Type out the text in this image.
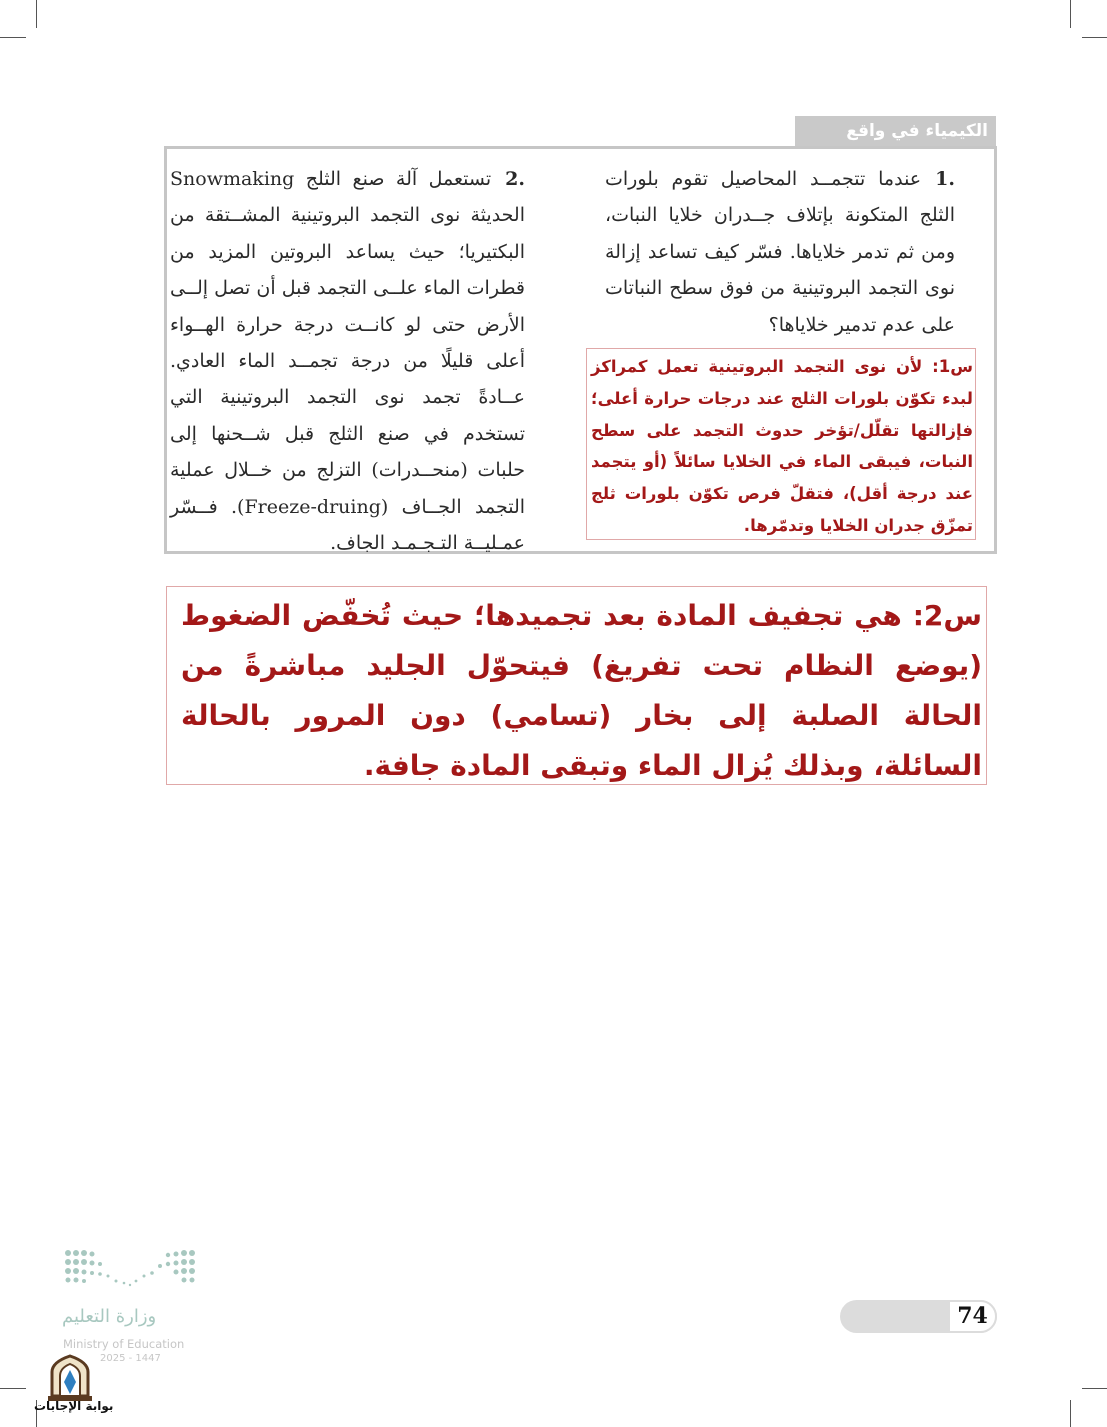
الكيمياء في واقع الحياة
.1عندما تتجمــد المحاصيل تقوم بلورات الثلج المتكونة بإتلاف جــدران خلايا النبات، ومن ثم تدمر خلاياها. فسّر كيف تساعد إزالة نوى التجمد البروتينية من فوق سطح النباتات على عدم تدمير خلاياها؟
.2تستعمل آلة صنع الثلج Snowmaking الحديثة نوى التجمد البروتينية المشــتقة من البكتيريا؛ حيث يساعد البروتين المزيد من قطرات الماء علــى التجمد قبل أن تصل إلــى الأرض حتى لو كانــت درجة حرارة الهــواء أعلى قليلًا من درجة تجمــد الماء العادي. عــادةً تجمد نوى التجمد البروتينية التي تستخدم في صنع الثلج قبل شــحنها إلى حلبات (منحــدرات) التزلج من خــلال عملية التجمد الجــاف (Freeze-druing). فــسّر عمـليــة التـجـمـد الجاف.
س1: لأن نوى التجمد البروتينية تعمل كمراكز لبدء تكوّن بلورات الثلج عند درجات حرارة أعلى؛ فإزالتها تقلّل/تؤخر حدوث التجمد على سطح النبات، فيبقى الماء في الخلايا سائلاً (أو يتجمد عند درجة أقل)، فتقلّ فرص تكوّن بلورات ثلج تمزّق جدران الخلايا وتدمّرها.
س2: هي تجفيف المادة بعد تجميدها؛ حيث تُخفّض الضغوط (يوضع النظام تحت تفريغ) فيتحوّل الجليد مباشرةً من الحالة الصلبة إلى بخار (تسامي) دون المرور بالحالة السائلة، وبذلك يُزال الماء وتبقى المادة جافة.
وزارة التعليم
Ministry of Education
2025 - 1447
بوابة الإجابات
74
